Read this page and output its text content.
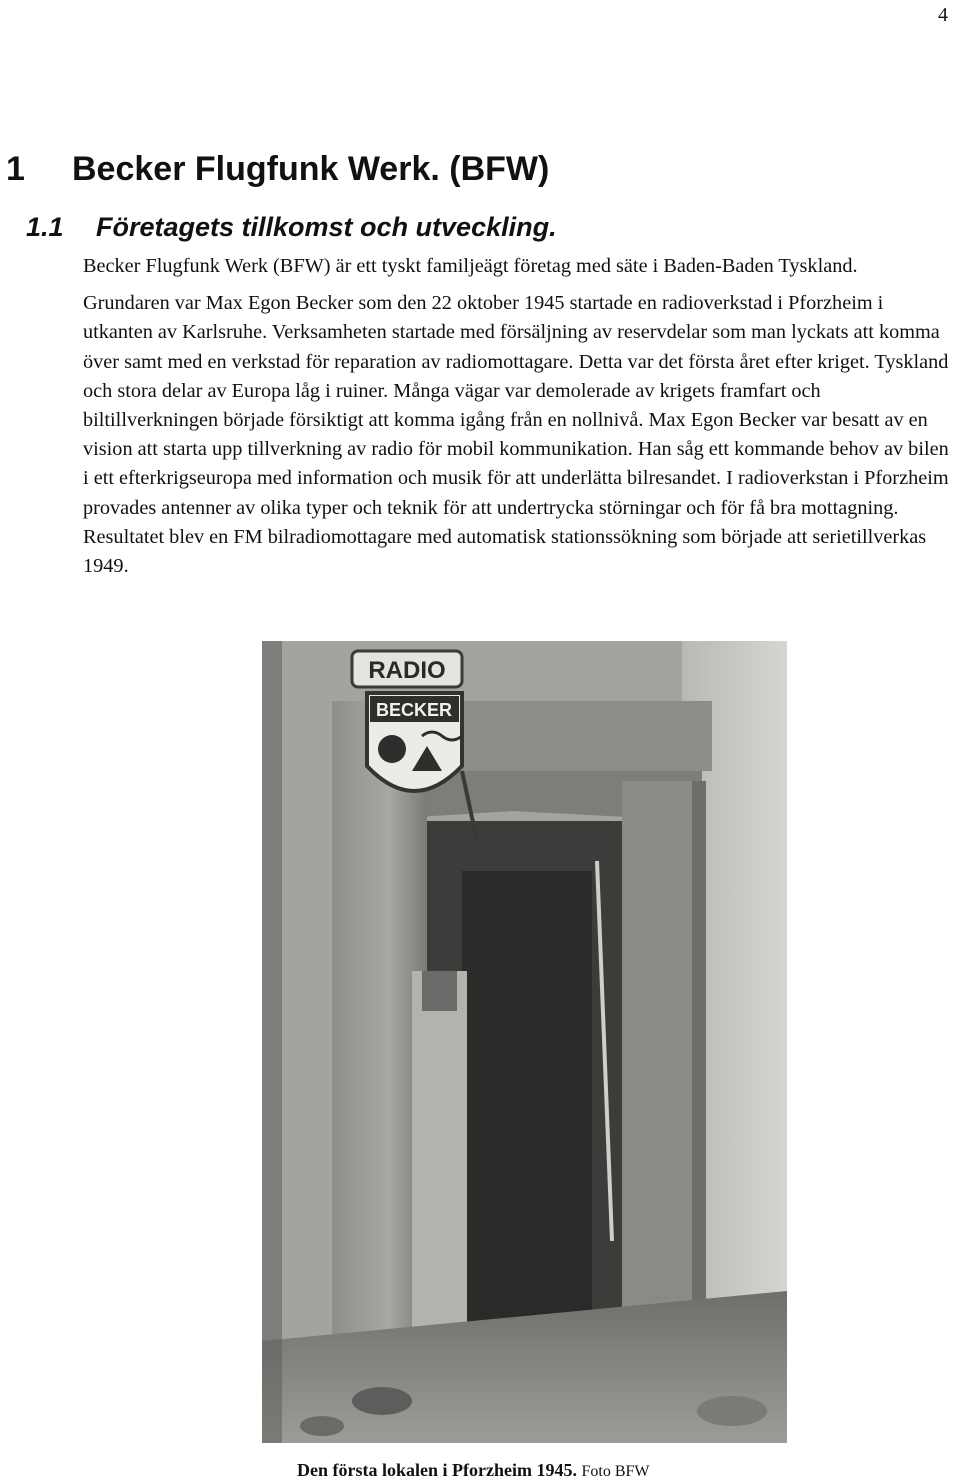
4
1 Becker Flugfunk Werk. (BFW)
1.1 Företagets tillkomst och utveckling.

Becker Flugfunk Werk (BFW) är ett tyskt familjeägt företag med säte i Baden-Baden Tyskland.

Grundaren var Max Egon Becker som den 22 oktober 1945 startade en radioverkstad i Pforzheim i utkanten av Karlsruhe. Verksamheten startade med försäljning av reservdelar som man lyckats att komma över samt med en verkstad för reparation av radiomottagare. Detta var det första året efter kriget. Tyskland och stora delar av Europa låg i ruiner. Många vägar var demolerade av krigets framfart och biltillverkningen började försiktigt att komma igång från en nollnivå. Max Egon Becker var besatt av en vision att starta upp tillverkning av radio för mobil kommunikation. Han såg ett kommande behov av bilen i ett efterkrigseuropa med information och musik för att underlätta bilresandet. I radioverkstan i Pforzheim provades antenner av olika typer och teknik för att undertrycka störningar och för få bra mottagning. Resultatet blev en FM bilradiomottagare med automatisk stationssökning som började att serietillverkas 1949.

RADIO
BECKER
Den första lokalen i Pforzheim 1945. Foto BFW
